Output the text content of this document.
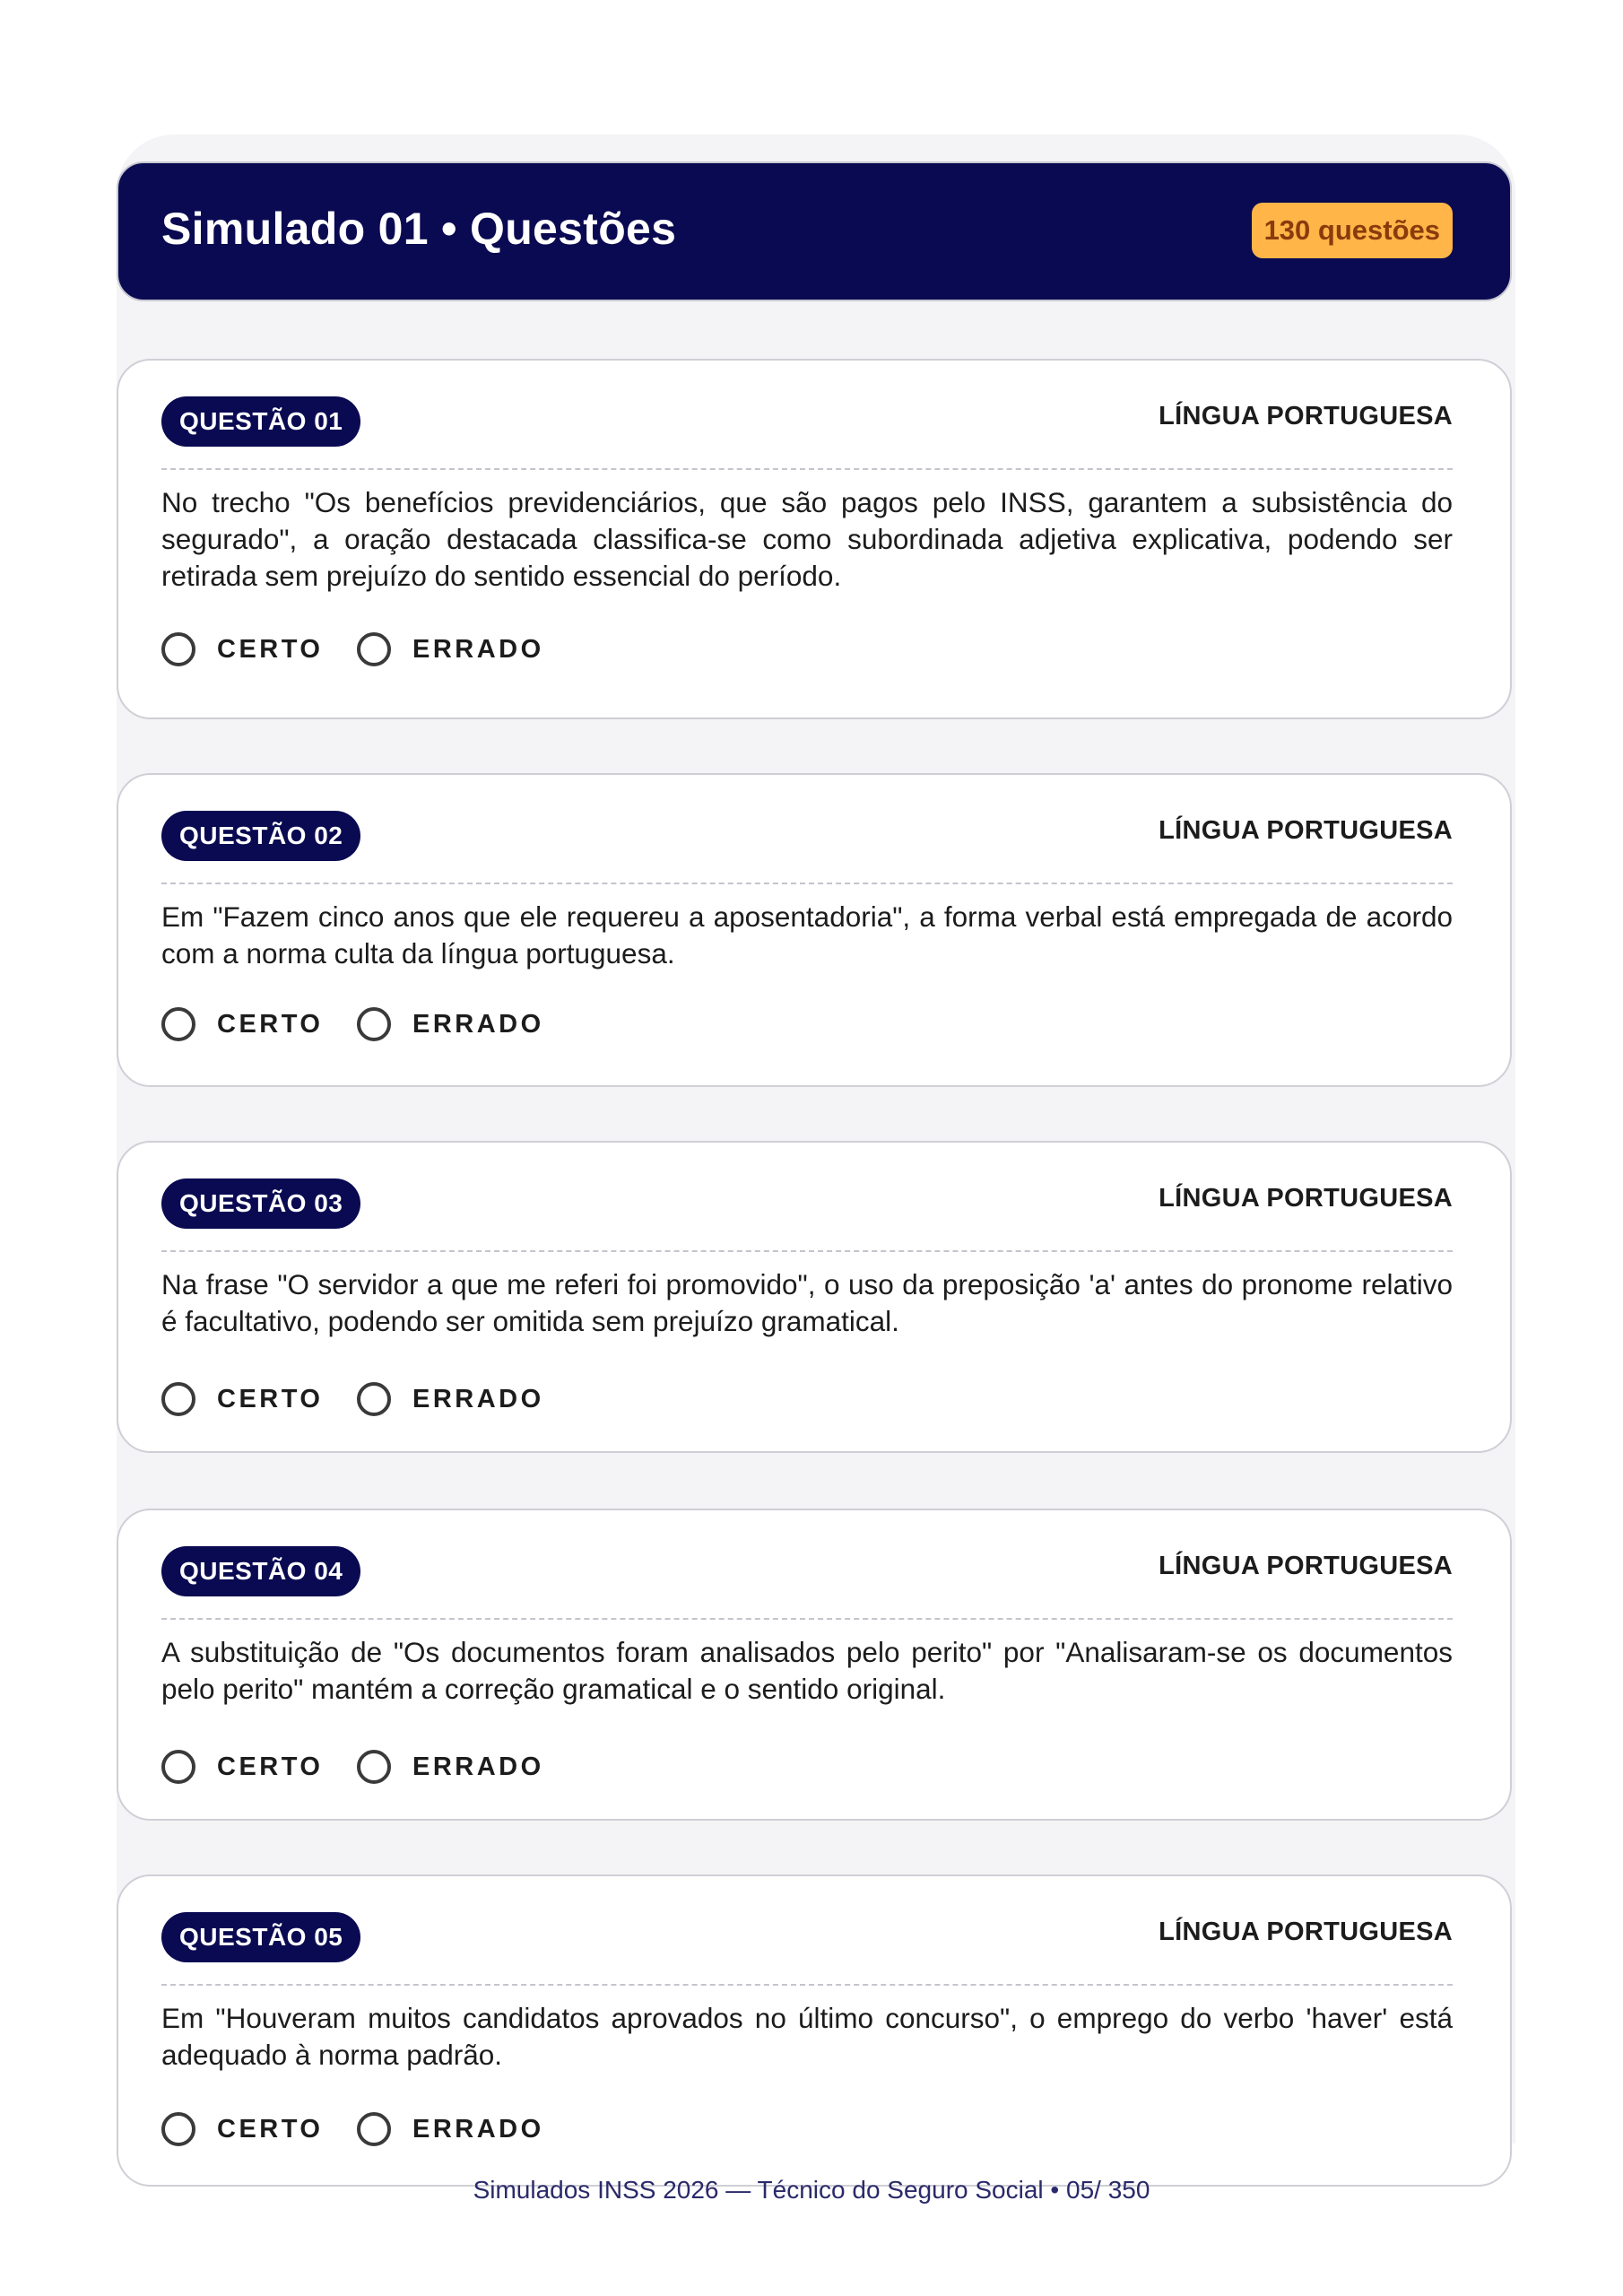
Simulado 01 • Questões	130 questões
QUESTÃO 01	LÍNGUA PORTUGUESA
No trecho "Os benefícios previdenciários, que são pagos pelo INSS, garantem a subsistência do segurado", a oração destacada classifica-se como subordinada adjetiva explicativa, podendo ser retirada sem prejuízo do sentido essencial do período.
CERTO	ERRADO
QUESTÃO 02	LÍNGUA PORTUGUESA
Em "Fazem cinco anos que ele requereu a aposentadoria", a forma verbal está empregada de acordo com a norma culta da língua portuguesa.
CERTO	ERRADO
QUESTÃO 03	LÍNGUA PORTUGUESA
Na frase "O servidor a que me referi foi promovido", o uso da preposição 'a' antes do pronome relativo é facultativo, podendo ser omitida sem prejuízo gramatical.
CERTO	ERRADO
QUESTÃO 04	LÍNGUA PORTUGUESA
A substituição de "Os documentos foram analisados pelo perito" por "Analisaram-se os documentos pelo perito" mantém a correção gramatical e o sentido original.
CERTO	ERRADO
QUESTÃO 05	LÍNGUA PORTUGUESA
Em "Houveram muitos candidatos aprovados no último concurso", o emprego do verbo 'haver' está adequado à norma padrão.
CERTO	ERRADO
Simulados INSS 2026 — Técnico do Seguro Social • 05/ 350
